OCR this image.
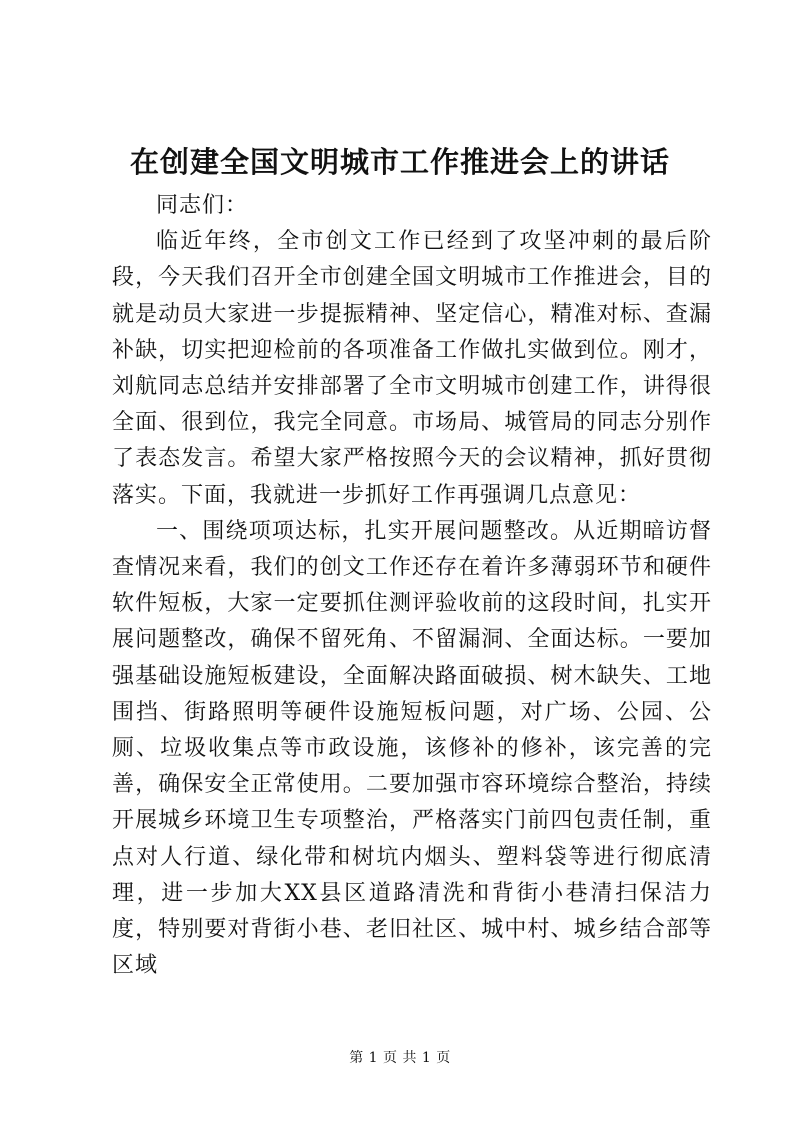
在创建全国文明城市工作推进会上的讲话

同志们：

临近年终，全市创文工作已经到了攻坚冲刺的最后阶段，今天我们召开全市创建全国文明城市工作推进会，目的就是动员大家进一步提振精神、坚定信心，精准对标、查漏补缺，切实把迎检前的各项准备工作做扎实做到位。刚才，刘航同志总结并安排部署了全市文明城市创建工作，讲得很全面、很到位，我完全同意。市场局、城管局的同志分别作了表态发言。希望大家严格按照今天的会议精神，抓好贯彻落实。下面，我就进一步抓好工作再强调几点意见：

一、围绕项项达标，扎实开展问题整改。从近期暗访督查情况来看，我们的创文工作还存在着许多薄弱环节和硬件软件短板，大家一定要抓住测评验收前的这段时间，扎实开展问题整改，确保不留死角、不留漏洞、全面达标。一要加强基础设施短板建设，全面解决路面破损、树木缺失、工地围挡、街路照明等硬件设施短板问题，对广场、公园、公厕、垃圾收集点等市政设施，该修补的修补，该完善的完善，确保安全正常使用。二要加强市容环境综合整治，持续开展城乡环境卫生专项整治，严格落实门前四包责任制，重点对人行道、绿化带和树坑内烟头、塑料袋等进行彻底清理，进一步加大XX县区道路清洗和背街小巷清扫保洁力度，特别要对背街小巷、老旧社区、城中村、城乡结合部等区域

第 1 页 共 1 页
